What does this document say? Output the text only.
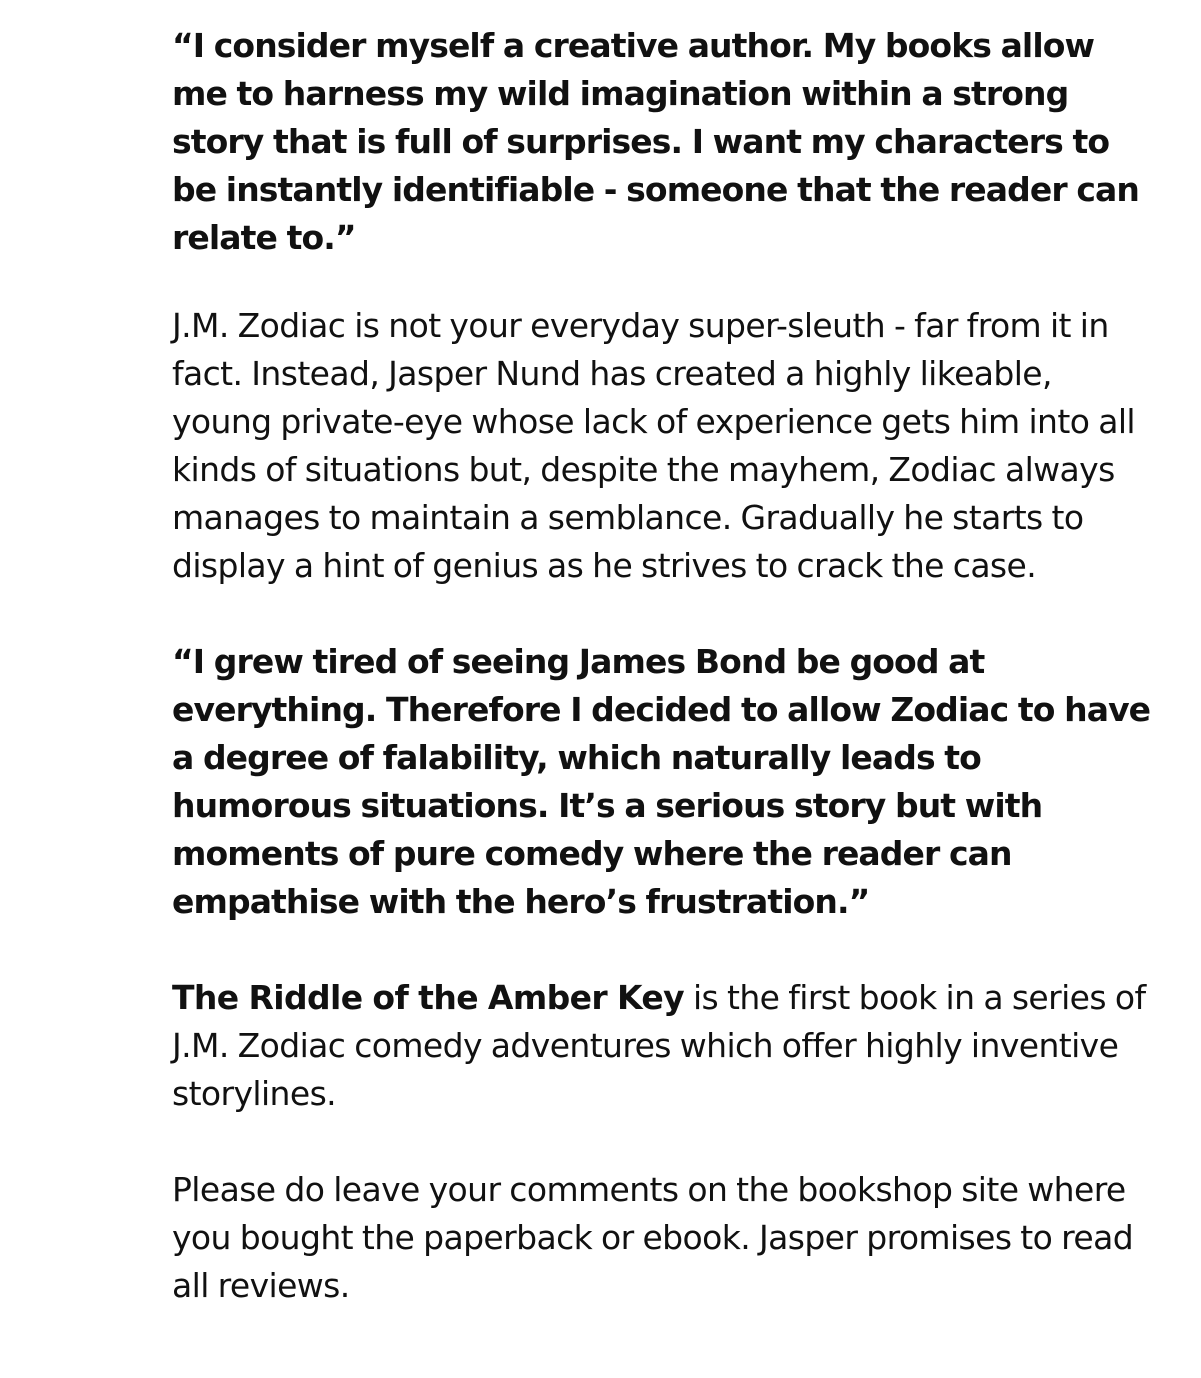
“I consider myself a creative author. My books allow me to harness my wild imagination within a strong story that is full of surprises. I want my characters to be instantly identifiable - someone that the reader can relate to.”

J.M. Zodiac is not your everyday super-sleuth - far from it in fact. Instead, Jasper Nund has created a highly likeable, young private-eye whose lack of experience gets him into all kinds of situations but, despite the mayhem, Zodiac always manages to maintain a semblance. Gradually he starts to display a hint of genius as he strives to crack the case.

“I grew tired of seeing James Bond be good at everything. Therefore I decided to allow Zodiac to have a degree of falability, which naturally leads to humorous situations. It’s a serious story but with moments of pure comedy where the reader can empathise with the hero’s frustration.”

The Riddle of the Amber Key is the first book in a series of J.M. Zodiac comedy adventures which offer highly inventive storylines.

Please do leave your comments on the bookshop site where you bought the paperback or ebook. Jasper promises to read all reviews.
